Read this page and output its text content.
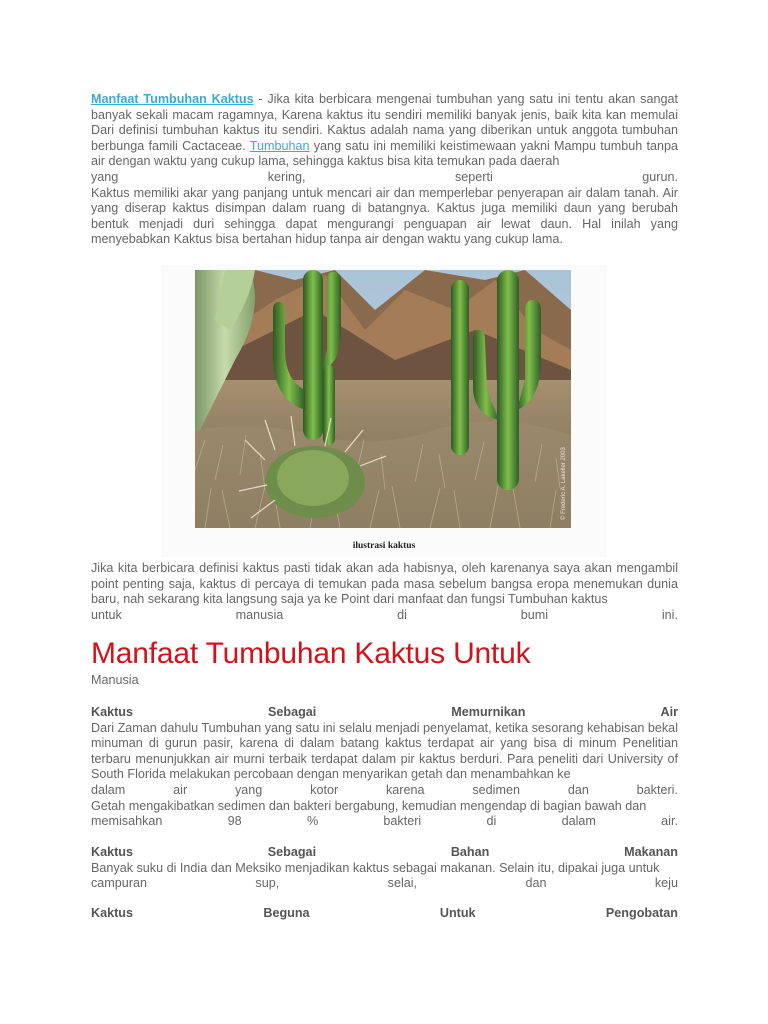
Manfaat Tumbuhan Kaktus - Jika kita berbicara mengenai tumbuhan yang satu ini tentu akan sangat banyak sekali macam ragamnya, Karena kaktus itu sendiri memiliki banyak jenis, baik kita kan memulai Dari definisi tumbuhan kaktus itu sendiri. Kaktus adalah nama yang diberikan untuk anggota tumbuhan berbunga famili Cactaceae. Tumbuhan yang satu ini memiliki keistimewaan yakni Mampu tumbuh tanpa air dengan waktu yang cukup lama, sehingga kaktus bisa kita temukan pada daerah

yang	kering,	seperti	gurun.

Kaktus memiliki akar yang panjang untuk mencari air dan memperlebar penyerapan air dalam tanah. Air yang diserap kaktus disimpan dalam ruang di batangnya. Kaktus juga memiliki daun yang berubah bentuk menjadi duri sehingga dapat mengurangi penguapan air lewat daun. Hal inilah yang menyebabkan Kaktus bisa bertahan hidup tanpa air dengan waktu yang cukup lama.

© Frederic A. Lakeller 2003
ilustrasi kaktus

Jika kita berbicara definisi kaktus pasti tidak akan ada habisnya, oleh karenanya saya akan mengambil point penting saja, kaktus di percaya di temukan pada masa sebelum bangsa eropa menemukan dunia baru, nah sekarang kita langsung saja ya ke Point dari manfaat dan fungsi Tumbuhan kaktus

untuk	manusia	di	bumi	ini.
Manfaat Tumbuhan Kaktus Untuk
Manusia
Kaktus	Sebagai	Memurnikan	Air

Dari Zaman dahulu Tumbuhan yang satu ini selalu menjadi penyelamat, ketika sesorang kehabisan bekal minuman di gurun pasir, karena di dalam batang kaktus terdapat air yang bisa di minum Penelitian terbaru menunjukkan air murni terbaik terdapat dalam pir kaktus berduri. Para peneliti dari University of South Florida melakukan percobaan dengan menyarikan getah dan menambahkan ke

dalam	air	yang	kotor	karena	sedimen	dan	bakteri.

Getah mengakibatkan sedimen dan bakteri bergabung, kemudian mengendap di bagian bawah dan

memisahkan	98	%	bakteri	di	dalam	air.
Kaktus	Sebagai	Bahan	Makanan

Banyak suku di India dan Meksiko menjadikan kaktus sebagai makanan. Selain itu, dipakai juga untuk

campuran	sup,	selai,	dan	keju
Kaktus	Beguna	Untuk	Pengobatan
